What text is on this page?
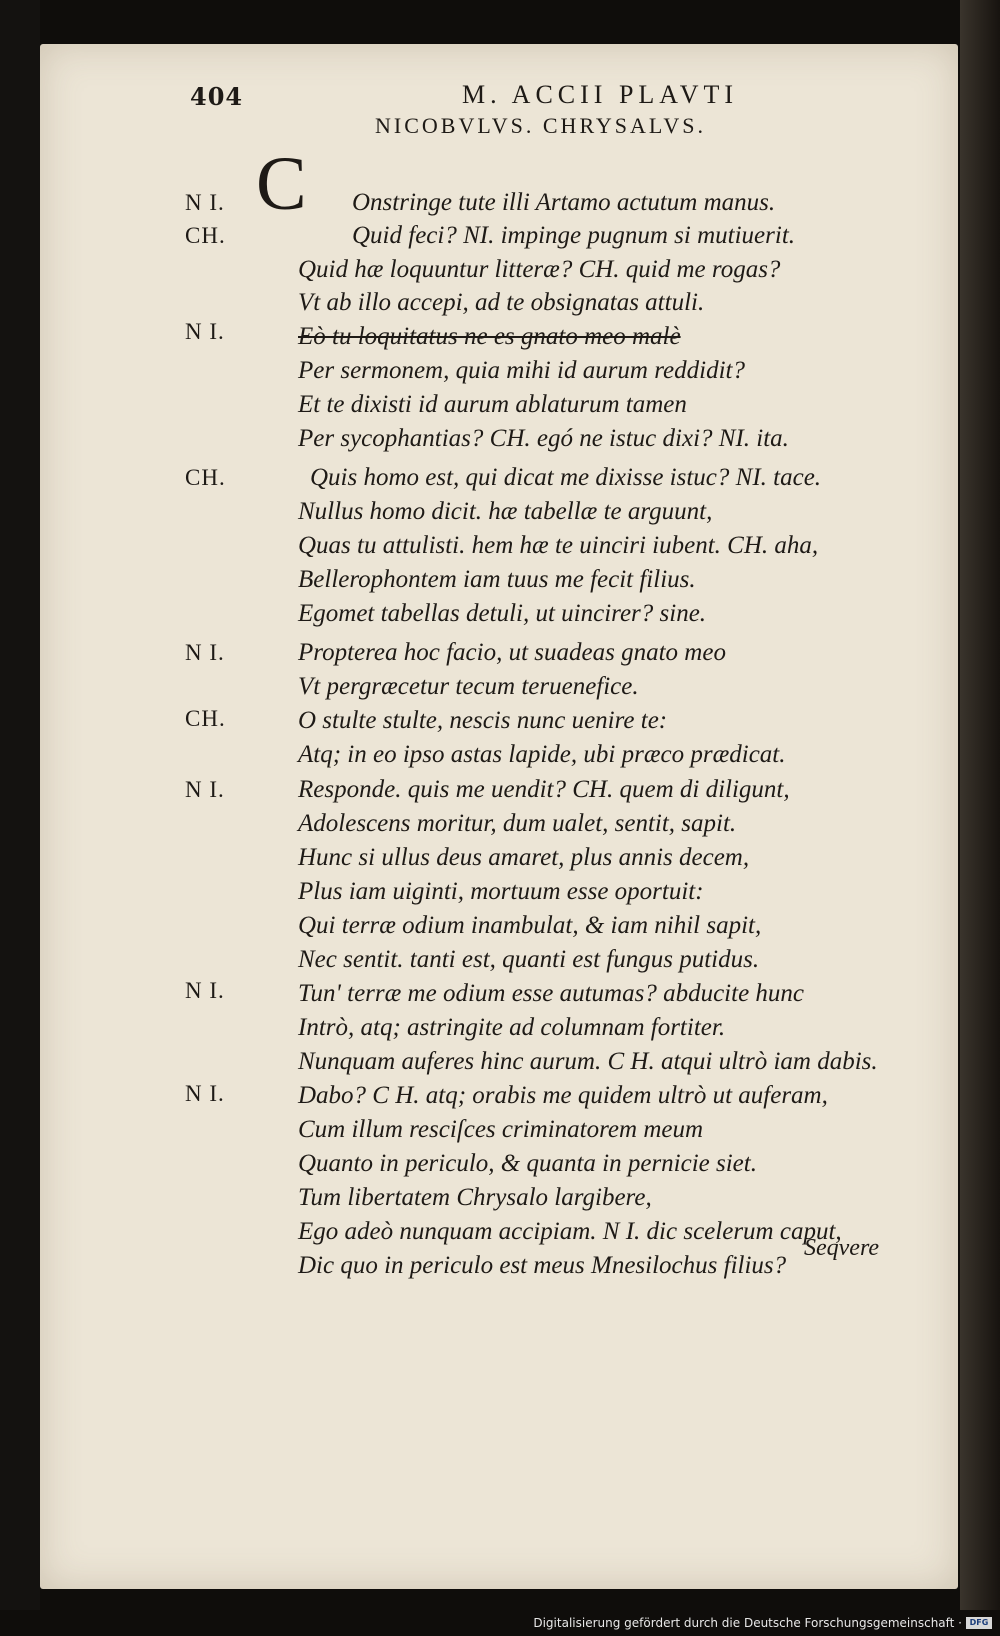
404	M. ACCII PLAVTI
NICOBVLVS. CHRYSALVS.
C
N I.
CH.
N I.
CH.
N I.
CH.
N I.
N I.
N I.
Onstringe tute illi Artamo actutum manus.
Quid feci? NI. impinge pugnum si mutiuerit.
Quid hæ loquuntur litteræ? CH. quid me rogas?
Vt ab illo accepi, ad te obsignatas attuli.
Eò tu loquitatus ne es gnato meo malè
Per sermonem, quia mihi id aurum reddidit?
Et te dixisti id aurum ablaturum tamen
Per sycophantias? CH. egó ne istuc dixi? NI. ita.
Quis homo est, qui dicat me dixisse istuc? NI. tace.
Nullus homo dicit. hæ tabellæ te arguunt,
Quas tu attulisti. hem hæ te uinciri iubent. CH. aha,
Bellerophontem iam tuus me fecit filius.
Egomet tabellas detuli, ut uincirer? sine.
Propterea hoc facio, ut suadeas gnato meo
Vt pergræcetur tecum teruenefice.
O stulte stulte, nescis nunc uenire te:
Atq; in eo ipso astas lapide, ubi præco prædicat.
Responde. quis me uendit? CH. quem di diligunt,
Adolescens moritur, dum ualet, sentit, sapit.
Hunc si ullus deus amaret, plus annis decem,
Plus iam uiginti, mortuum esse oportuit:
Qui terræ odium inambulat, & iam nihil sapit,
Nec sentit. tanti est, quanti est fungus putidus.
Tun' terræ me odium esse autumas? abducite hunc
Intrò, atq; astringite ad columnam fortiter.
Nunquam auferes hinc aurum. C H. atqui ultrò iam dabis.
Dabo? C H. atq; orabis me quidem ultrò ut auferam,
Cum illum resciſces criminatorem meum
Quanto in periculo, & quanta in pernicie siet.
Tum libertatem Chrysalo largibere,
Ego adeò nunquam accipiam. N I. dic scelerum caput,
Dic quo in periculo est meus Mnesilochus filius?
Seqvere
Digitalisierung gefördert durch die Deutsche Forschungsgemeinschaft · DFG
